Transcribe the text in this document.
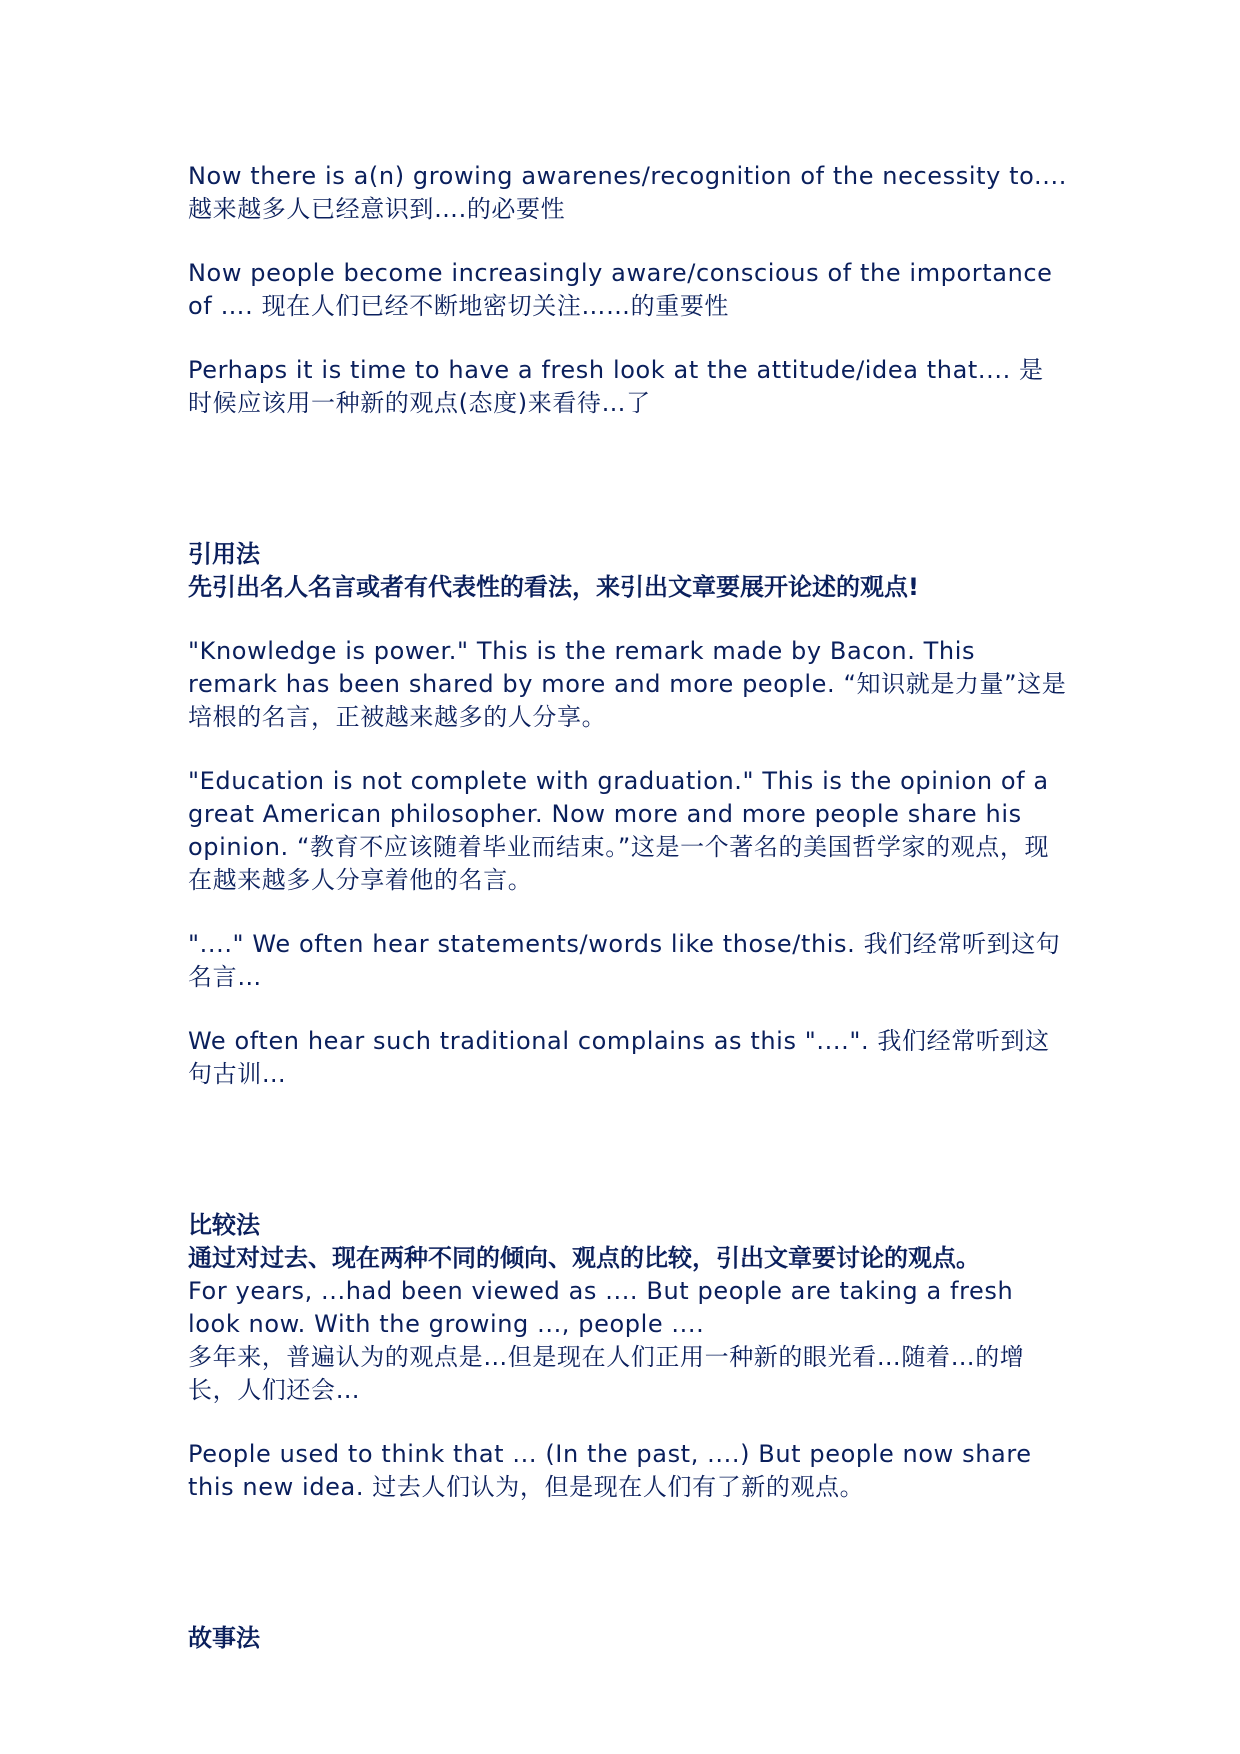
Now there is a(n) growing awarenes/recognition of the necessity to.... 越来越多人已经意识到….的必要性

Now people become increasingly aware/conscious of the importance of …. 现在人们已经不断地密切关注……的重要性

Perhaps it is time to have a fresh look at the attitude/idea that.... 是时候应该用一种新的观点(态度)来看待…了

引用法

先引出名人名言或者有代表性的看法，来引出文章要展开论述的观点!

"Knowledge is power." This is the remark made by Bacon. This remark has been shared by more and more people. “知识就是力量”这是培根的名言，正被越来越多的人分享。

"Education is not complete with graduation." This is the opinion of a great American philosopher. Now more and more people share his opinion. “教育不应该随着毕业而结束。”这是一个著名的美国哲学家的观点，现在越来越多人分享着他的名言。

"...." We often hear statements/words like those/this. 我们经常听到这句名言…

We often hear such traditional complains as this "....". 我们经常听到这句古训…

比较法

通过对过去、现在两种不同的倾向、观点的比较，引出文章要讨论的观点。

For years, ...had been viewed as .... But people are taking a fresh look now. With the growing ..., people ....

多年来，普遍认为的观点是…但是现在人们正用一种新的眼光看…随着…的增长，人们还会…

People used to think that ... (In the past, ....) But people now share this new idea. 过去人们认为，但是现在人们有了新的观点。

故事法
